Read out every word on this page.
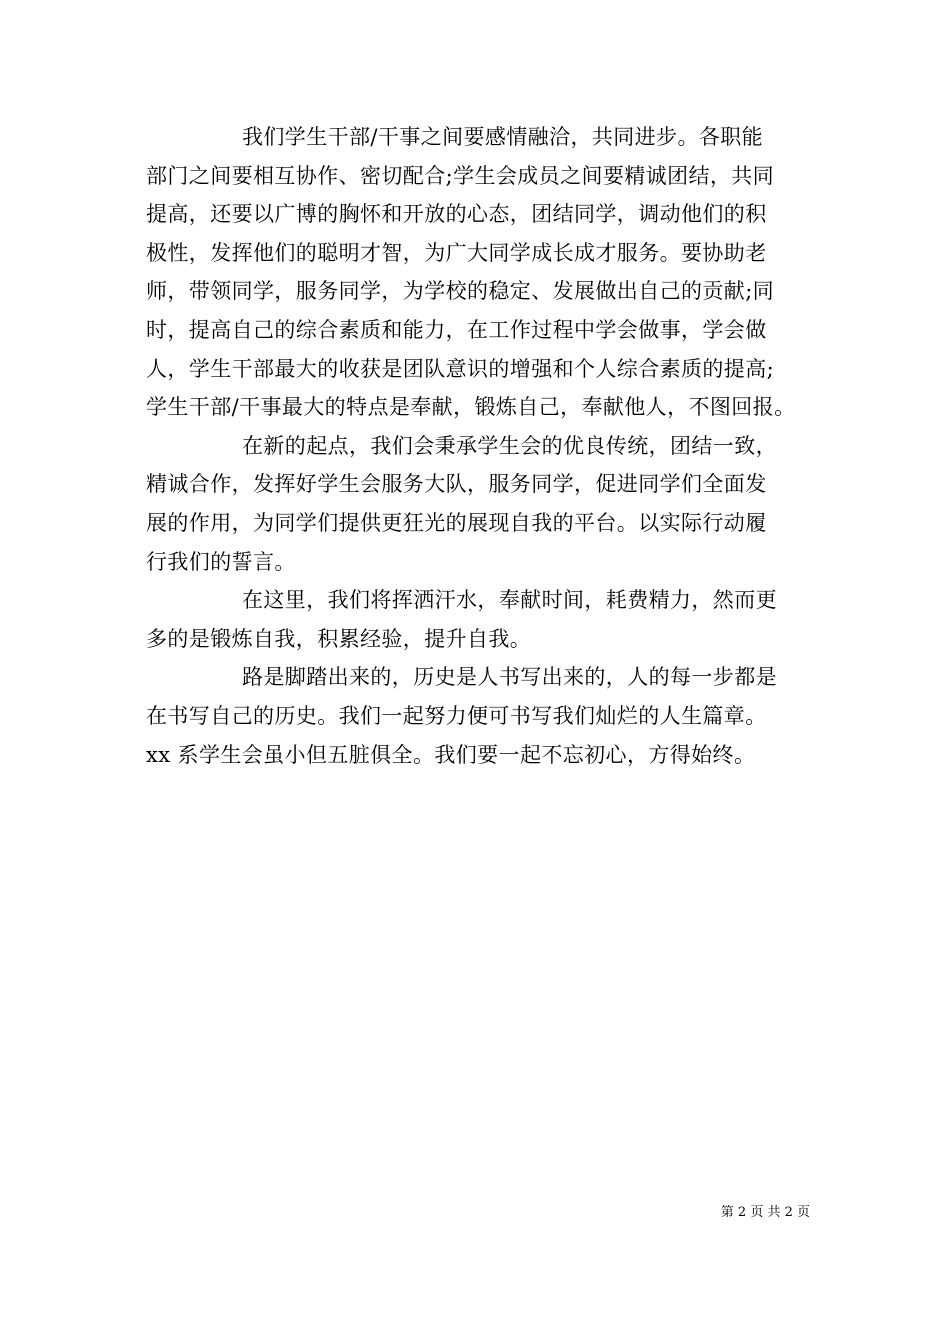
我们学生干部/干事之间要感情融洽，共同进步。各职能
部门之间要相互协作、密切配合;学生会成员之间要精诚团结，共同
提高，还要以广博的胸怀和开放的心态，团结同学，调动他们的积
极性，发挥他们的聪明才智，为广大同学成长成才服务。要协助老
师，带领同学，服务同学，为学校的稳定、发展做出自己的贡献;同
时，提高自己的综合素质和能力，在工作过程中学会做事，学会做
人，学生干部最大的收获是团队意识的增强和个人综合素质的提高;
学生干部/干事最大的特点是奉献，锻炼自己，奉献他人，不图回报。
在新的起点，我们会秉承学生会的优良传统，团结一致，
精诚合作，发挥好学生会服务大队，服务同学，促进同学们全面发
展的作用，为同学们提供更狂光的展现自我的平台。以实际行动履
行我们的誓言。
在这里，我们将挥洒汗水，奉献时间，耗费精力，然而更
多的是锻炼自我，积累经验，提升自我。
路是脚踏出来的，历史是人书写出来的，人的每一步都是
在书写自己的历史。我们一起努力便可书写我们灿烂的人生篇章。
xx 系学生会虽小但五脏俱全。我们要一起不忘初心，方得始终。
第 2 页 共 2 页
